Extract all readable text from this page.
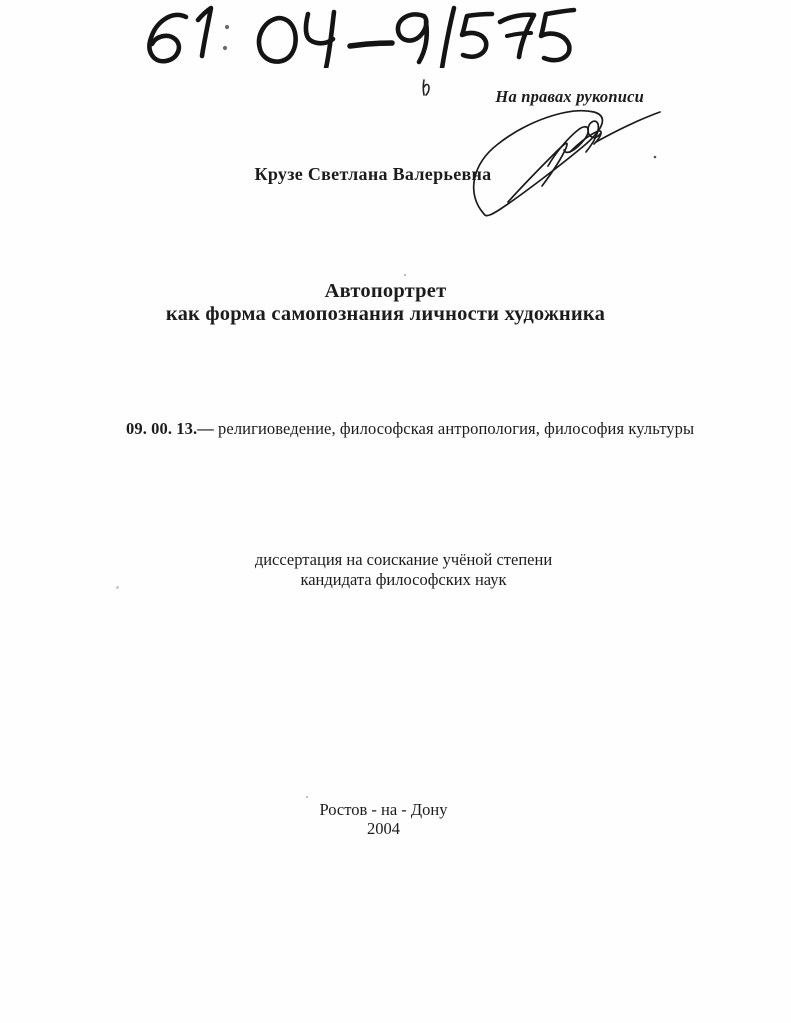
На правах рукописи
Крузе Светлана Валерьевна
Автопортрет
как форма самопознания личности художника
09. 00. 13.— религиоведение, философская антропология, философия культуры
диссертация на соискание учёной степени
кандидата философских наук
Ростов - на - Дону
2004
